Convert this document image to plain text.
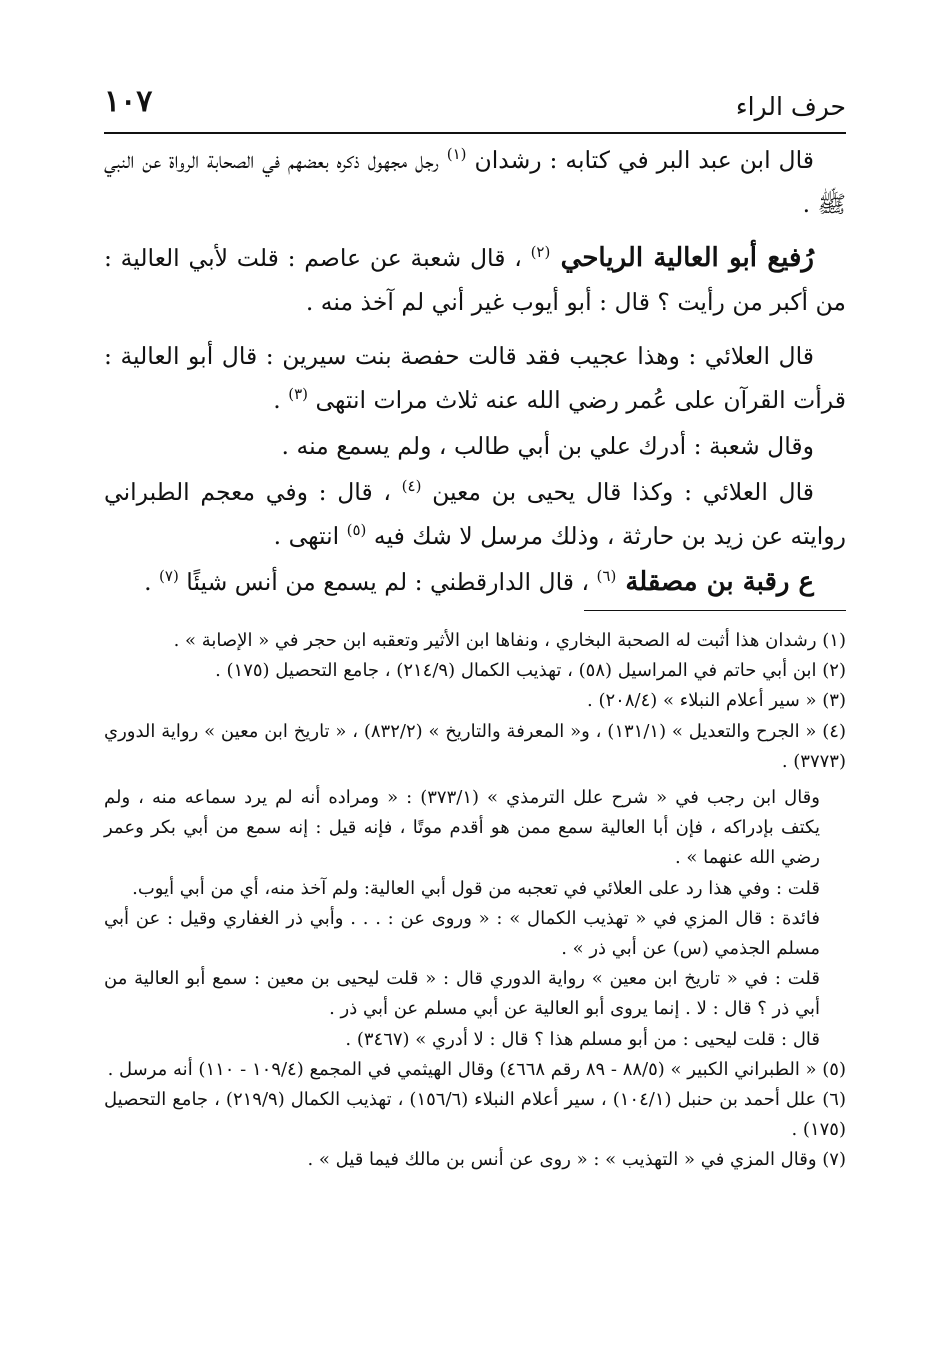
حرف الراء
١٠٧

قال ابن عبد البر في كتابه : رشدان $^{(١)}$ رجل مجهول ذكره بعضهم في الصحابة الرواة عن النبي ﷺ .

رُفيع أبو العالية الرياحي $^{(٢)}$ ، قال شعبة عن عاصم : قلت لأبي العالية : من أكبر من رأيت ؟ قال : أبو أيوب غير أني لم آخذ منه .

قال العلائي : وهذا عجيب فقد قالت حفصة بنت سيرين : قال أبو العالية : قرأت القرآن على عُمر رضي الله عنه ثلاث مرات انتهى $^{(٣)}$ .

وقال شعبة : أدرك علي بن أبي طالب ، ولم يسمع منه .

قال العلائي : وكذا قال يحيى بن معين $^{(٤)}$ ، قال : وفي معجم الطبراني روايته عن زيد بن حارثة ، وذلك مرسل لا شك فيه $^{(٥)}$ انتهى .

ع رقبة بن مصقلة $^{(٦)}$ ، قال الدارقطني : لم يسمع من أنس شيئًا $^{(٧)}$ .

(١) رشدان هذا أثبت له الصحبة البخاري ، ونفاها ابن الأثير وتعقبه ابن حجر في « الإصابة » .

(٢) ابن أبي حاتم في المراسيل (٥٨) ، تهذيب الكمال (٢١٤/٩) ، جامع التحصيل (١٧٥) .

(٣) « سير أعلام النبلاء » (٢٠٨/٤) .

(٤) « الجرح والتعديل » (١٣١/١) ، و« المعرفة والتاريخ » (٨٣٢/٢) ، « تاريخ ابن معين » رواية الدوري (٣٧٧٣) .

وقال ابن رجب في « شرح علل الترمذي » (٣٧٣/١) : « ومراده أنه لم يرد سماعه منه ، ولم يكتف بإدراكه ، فإن أبا العالية سمع ممن هو أقدم موتًا ، فإنه قيل : إنه سمع من أبي بكر وعمر رضي الله عنهما » .

قلت : وفي هذا رد على العلائي في تعجبه من قول أبي العالية: ولم آخذ منه، أي من أبي أيوب.

فائدة : قال المزي في « تهذيب الكمال » : « وروى عن : . . . وأبي ذر الغفاري وقيل : عن أبي مسلم الجذمي (س) عن أبي ذر » .

قلت : في « تاريخ ابن معين » رواية الدوري قال : « قلت ليحيى بن معين : سمع أبو العالية من أبي ذر ؟ قال : لا . إنما يروى أبو العالية عن أبي مسلم عن أبي ذر .

قال : قلت ليحيى : من أبو مسلم هذا ؟ قال : لا أدري » (٣٤٦٧) .

(٥) « الطبراني الكبير » (٨٨/٥ - ٨٩ رقم ٤٦٦٨) وقال الهيثمي في المجمع (١٠٩/٤ - ١١٠) أنه مرسل .

(٦) علل أحمد بن حنبل (١٠٤/١) ، سير أعلام النبلاء (١٥٦/٦) ، تهذيب الكمال (٢١٩/٩) ، جامع التحصيل (١٧٥) .

(٧) وقال المزي في « التهذيب » : « روى عن أنس بن مالك فيما قيل » .
